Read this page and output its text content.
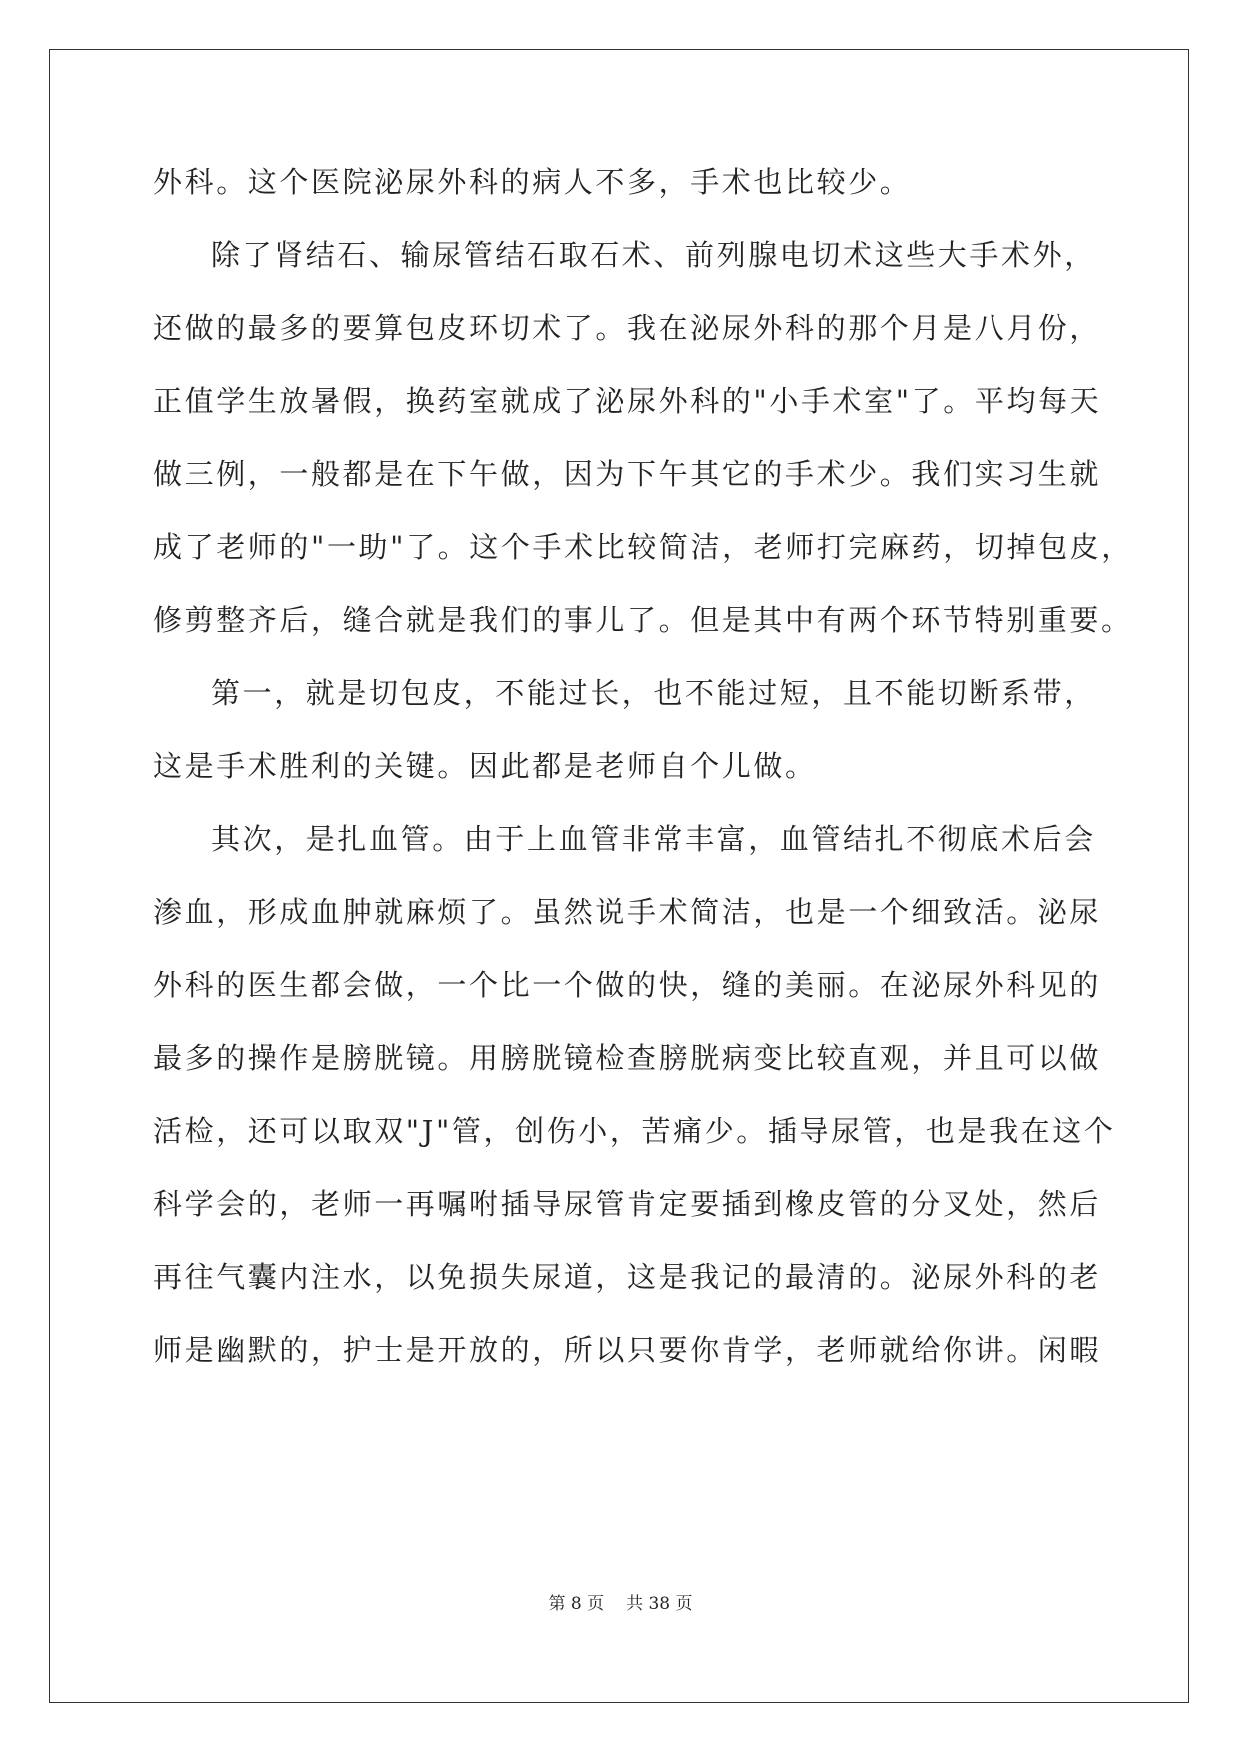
外科。这个医院泌尿外科的病人不多，手术也比较少。
除了肾结石、输尿管结石取石术、前列腺电切术这些大手术外，
还做的最多的要算包皮环切术了。我在泌尿外科的那个月是八月份，
正值学生放暑假，换药室就成了泌尿外科的"小手术室"了。平均每天
做三例，一般都是在下午做，因为下午其它的手术少。我们实习生就
成了老师的"一助"了。这个手术比较简洁，老师打完麻药，切掉包皮，
修剪整齐后，缝合就是我们的事儿了。但是其中有两个环节特别重要。
第一，就是切包皮，不能过长，也不能过短，且不能切断系带，
这是手术胜利的关键。因此都是老师自个儿做。
其次，是扎血管。由于上血管非常丰富，血管结扎不彻底术后会
渗血，形成血肿就麻烦了。虽然说手术简洁，也是一个细致活。泌尿
外科的医生都会做，一个比一个做的快，缝的美丽。在泌尿外科见的
最多的操作是膀胱镜。用膀胱镜检查膀胱病变比较直观，并且可以做
活检，还可以取双"J"管，创伤小，苦痛少。插导尿管，也是我在这个
科学会的，老师一再嘱咐插导尿管肯定要插到橡皮管的分叉处，然后
再往气囊内注水，以免损失尿道，这是我记的最清的。泌尿外科的老
师是幽默的，护士是开放的，所以只要你肯学，老师就给你讲。闲暇
第 8 页 共 38 页
